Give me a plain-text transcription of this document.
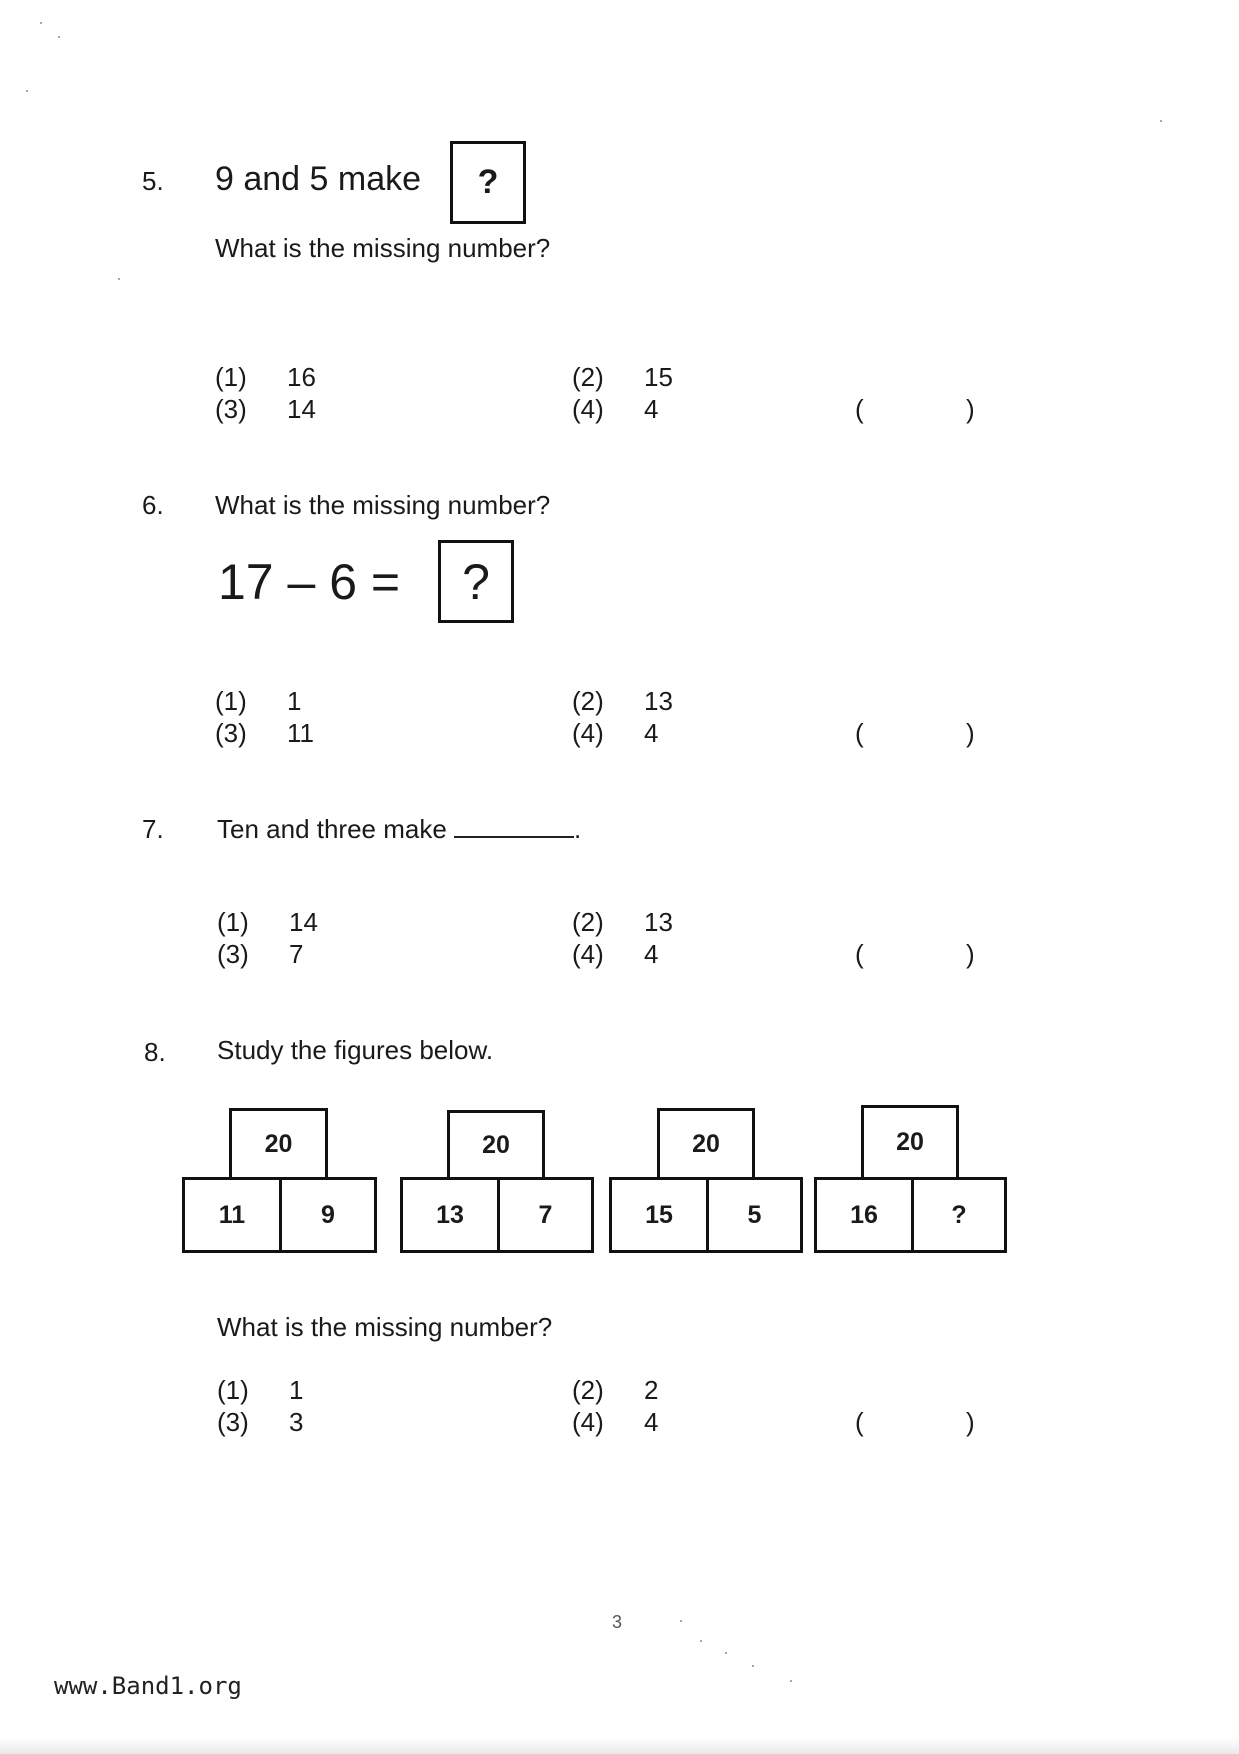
5. 9 and 5 make ?
What is the missing number?
(1) 16	(2) 15
(3) 14	(4) 4	(	)
6. What is the missing number?
17 – 6 = ?
(1) 1	(2) 13
(3) 11	(4) 4	(	)
7. Ten and three make	.
(1) 14	(2) 13
(3) 7	(4) 4	(	)
8. Study the figures below.
20
11	9
20
13	7
20
15	5
20
16	?
What is the missing number?
(1) 1	(2) 2
(3) 3	(4) 4	(	)
3
www.Band1.org
